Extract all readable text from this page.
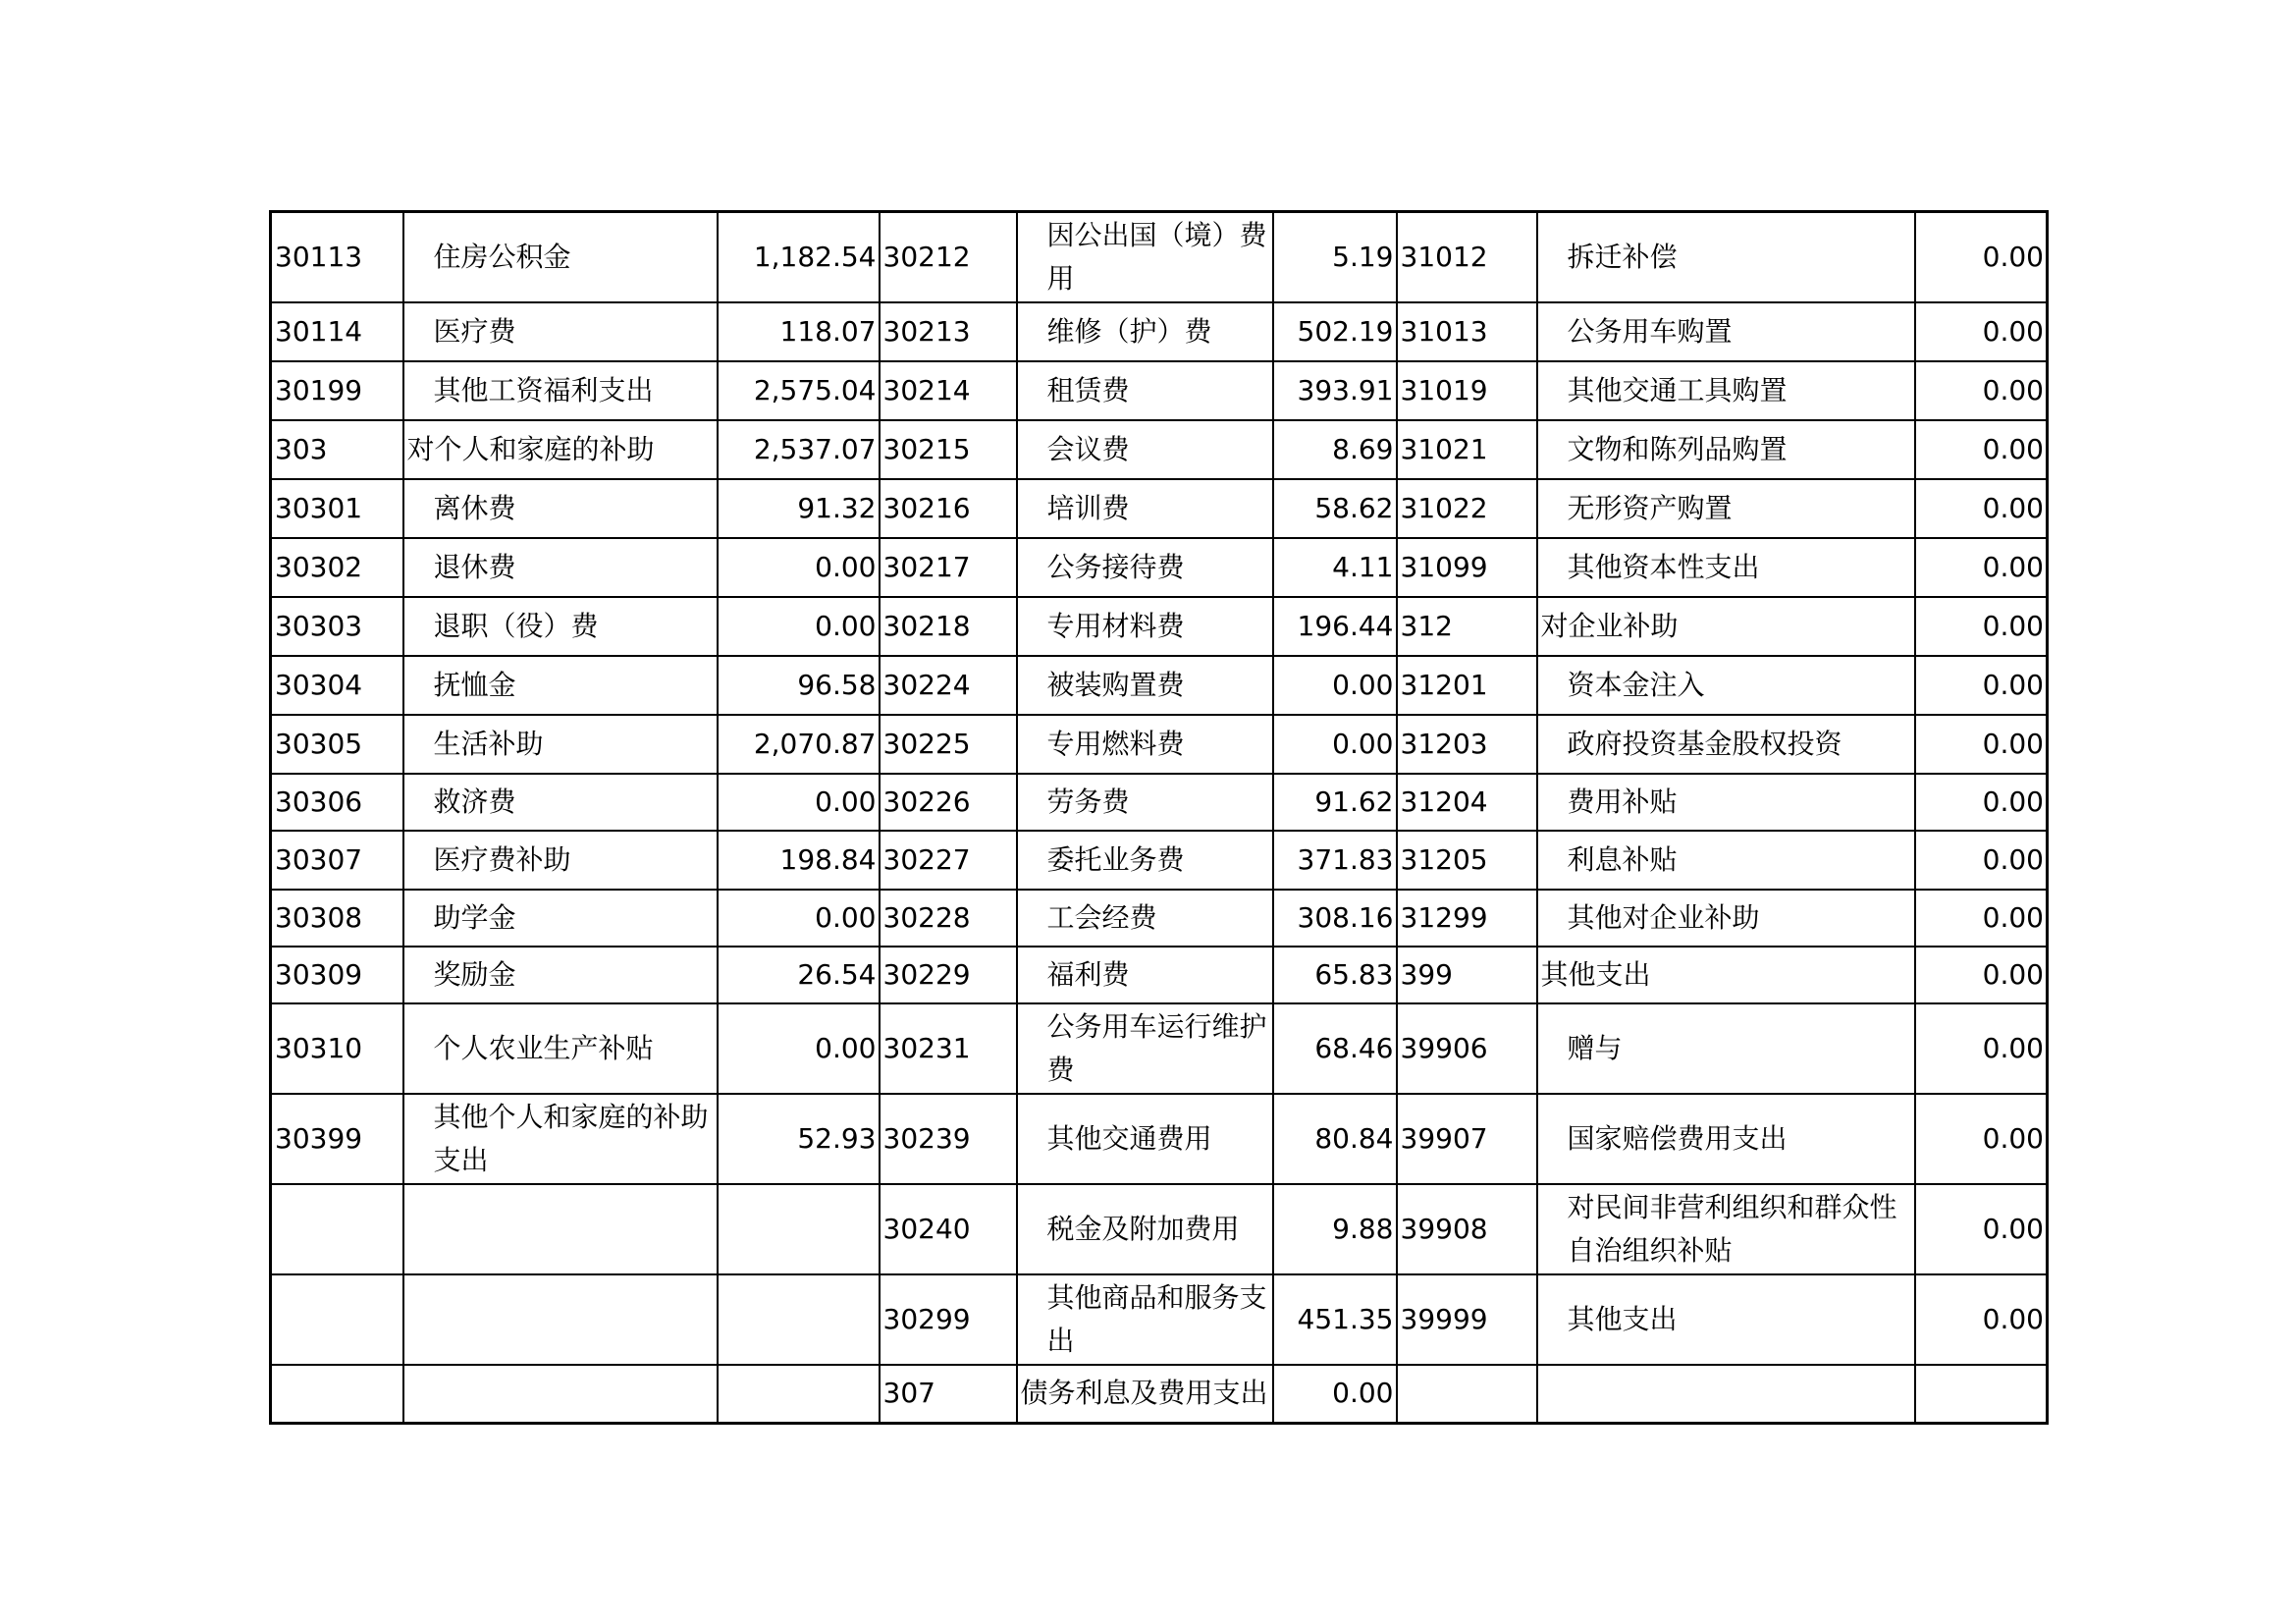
30113	住房公积金	1,182.54	30212	因公出国（境）费用	5.19	31012	拆迁补偿	0.00
30114	医疗费	118.07	30213	维修（护）费	502.19	31013	公务用车购置	0.00
30199	其他工资福利支出	2,575.04	30214	租赁费	393.91	31019	其他交通工具购置	0.00
303	对个人和家庭的补助	2,537.07	30215	会议费	8.69	31021	文物和陈列品购置	0.00
30301	离休费	91.32	30216	培训费	58.62	31022	无形资产购置	0.00
30302	退休费	0.00	30217	公务接待费	4.11	31099	其他资本性支出	0.00
30303	退职（役）费	0.00	30218	专用材料费	196.44	312	对企业补助	0.00
30304	抚恤金	96.58	30224	被装购置费	0.00	31201	资本金注入	0.00
30305	生活补助	2,070.87	30225	专用燃料费	0.00	31203	政府投资基金股权投资	0.00
30306	救济费	0.00	30226	劳务费	91.62	31204	费用补贴	0.00
30307	医疗费补助	198.84	30227	委托业务费	371.83	31205	利息补贴	0.00
30308	助学金	0.00	30228	工会经费	308.16	31299	其他对企业补助	0.00
30309	奖励金	26.54	30229	福利费	65.83	399	其他支出	0.00
30310	个人农业生产补贴	0.00	30231	公务用车运行维护费	68.46	39906	赠与	0.00
30399	其他个人和家庭的补助支出	52.93	30239	其他交通费用	80.84	39907	国家赔偿费用支出	0.00
			30240	税金及附加费用	9.88	39908	对民间非营利组织和群众性自治组织补贴	0.00
			30299	其他商品和服务支出	451.35	39999	其他支出	0.00
			307	债务利息及费用支出	0.00			
